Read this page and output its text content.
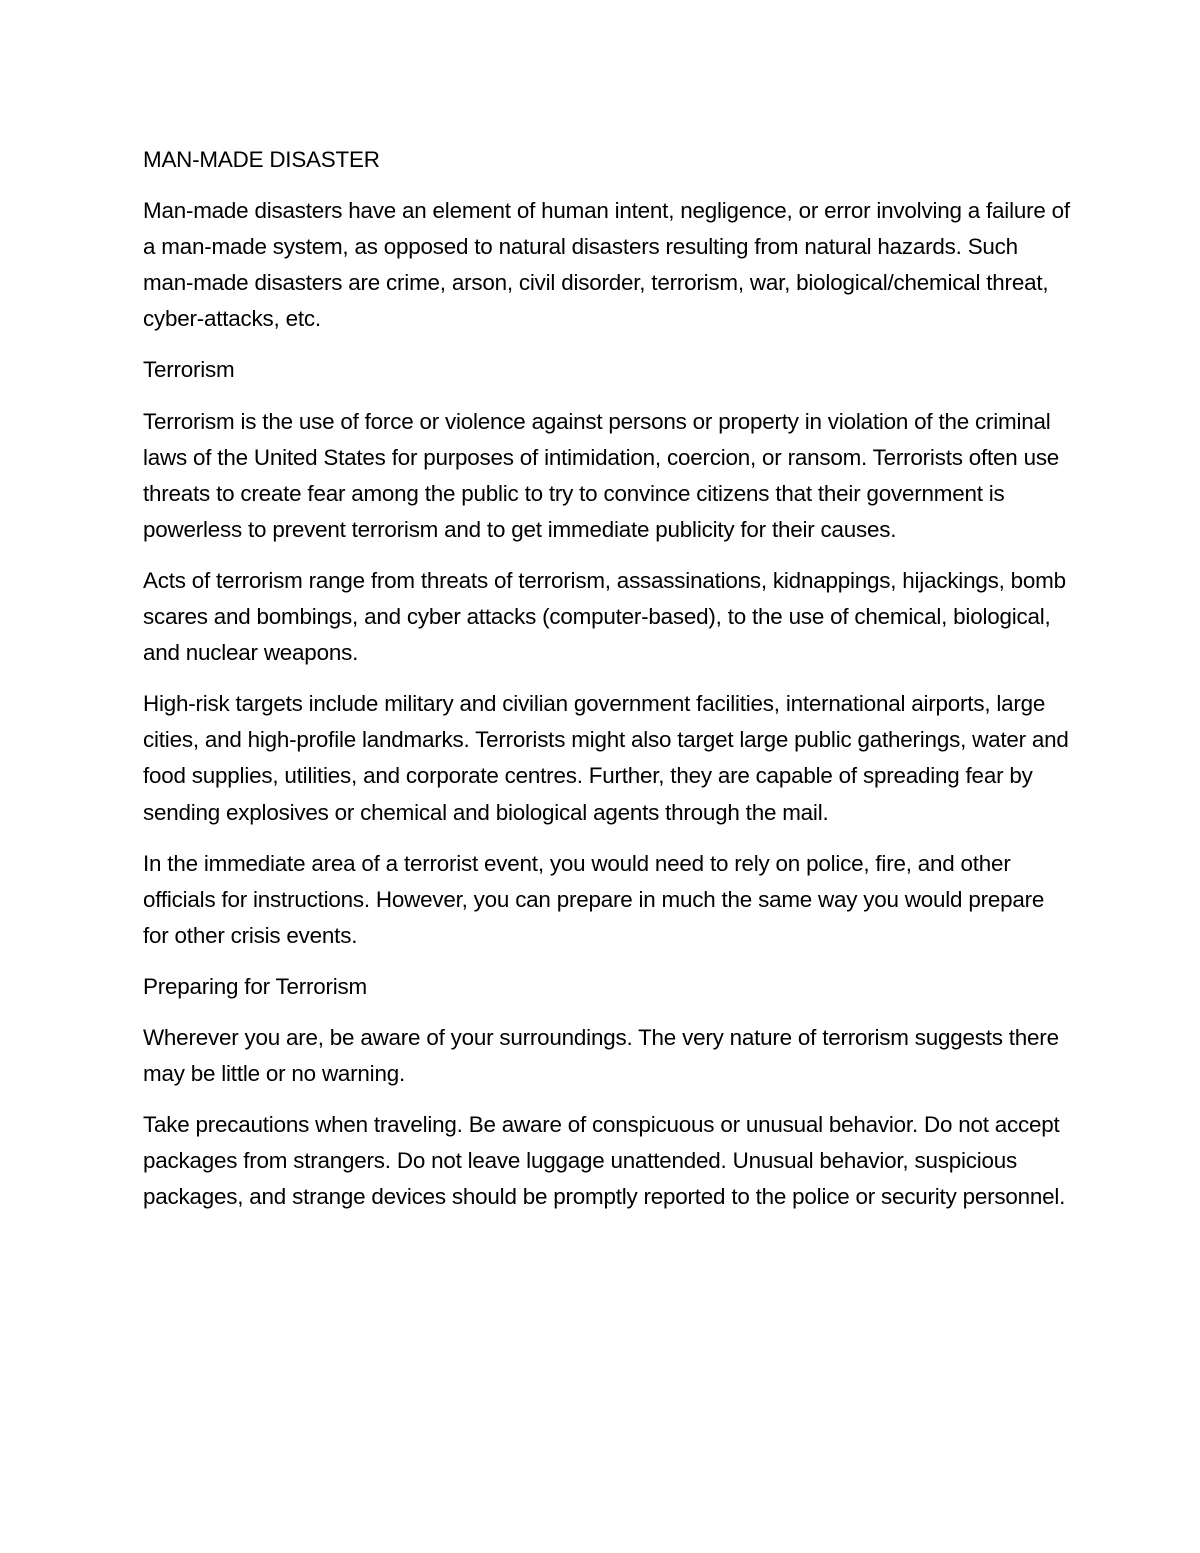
MAN-MADE DISASTER

Man-made disasters have an element of human intent, negligence, or error involving a failure of a man-made system, as opposed to natural disasters resulting from natural hazards. Such man-made disasters are crime, arson, civil disorder, terrorism, war, biological/chemical threat, cyber-attacks, etc.

Terrorism

Terrorism is the use of force or violence against persons or property in violation of the criminal laws of the United States for purposes of intimidation, coercion, or ransom. Terrorists often use threats to create fear among the public to try to convince citizens that their government is powerless to prevent terrorism and to get immediate publicity for their causes.

Acts of terrorism range from threats of terrorism, assassinations, kidnappings, hijackings, bomb scares and bombings, and cyber attacks (computer-based), to the use of chemical, biological, and nuclear weapons.

High-risk targets include military and civilian government facilities, international airports, large cities, and high-profile landmarks. Terrorists might also target large public gatherings, water and food supplies, utilities, and corporate centres. Further, they are capable of spreading fear by sending explosives or chemical and biological agents through the mail.

In the immediate area of a terrorist event, you would need to rely on police, fire, and other officials for instructions. However, you can prepare in much the same way you would prepare for other crisis events.

Preparing for Terrorism

Wherever you are, be aware of your surroundings. The very nature of terrorism suggests there may be little or no warning.

Take precautions when traveling. Be aware of conspicuous or unusual behavior. Do not accept packages from strangers. Do not leave luggage unattended. Unusual behavior, suspicious packages, and strange devices should be promptly reported to the police or security personnel.
